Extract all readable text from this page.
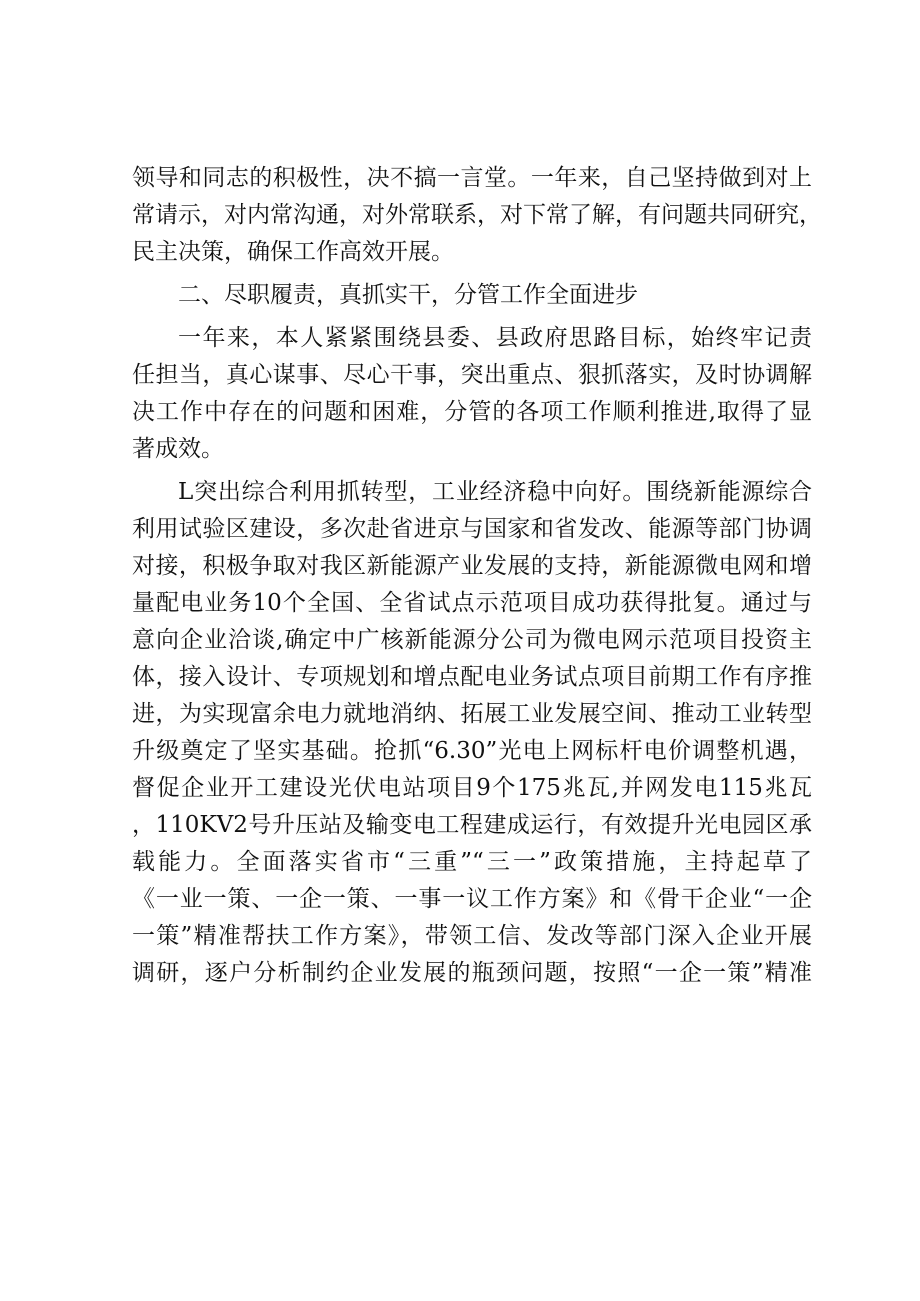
领导和同志的积极性，决不搞一言堂。一年来，自己坚持做到对上
常请示，对内常沟通，对外常联系，对下常了解，有问题共同研究，
民主决策，确保工作高效开展。
二、尽职履责，真抓实干，分管工作全面进步
一年来，本人紧紧围绕县委、县政府思路目标，始终牢记责
任担当，真心谋事、尽心干事，突出重点、狠抓落实，及时协调解
决工作中存在的问题和困难，分管的各项工作顺利推进,取得了显
著成效。
L突出综合利用抓转型，工业经济稳中向好。围绕新能源综合
利用试验区建设，多次赴省进京与国家和省发改、能源等部门协调
对接，积极争取对我区新能源产业发展的支持，新能源微电网和增
量配电业务10个全国、全省试点示范项目成功获得批复。通过与
意向企业洽谈,确定中广核新能源分公司为微电网示范项目投资主
体，接入设计、专项规划和增点配电业务试点项目前期工作有序推
进，为实现富余电力就地消纳、拓展工业发展空间、推动工业转型
升级奠定了坚实基础。抢抓“6.30”光电上网标杆电价调整机遇，
督促企业开工建设光伏电站项目9个175兆瓦,并网发电115兆瓦
，110KV2号升压站及输变电工程建成运行，有效提升光电园区承
载能力。全面落实省市“三重”“三一”政策措施，主持起草了
《一业一策、一企一策、一事一议工作方案》和《骨干企业“一企
一策”精准帮扶工作方案》，带领工信、发改等部门深入企业开展
调研，逐户分析制约企业发展的瓶颈问题，按照“一企一策”精准
